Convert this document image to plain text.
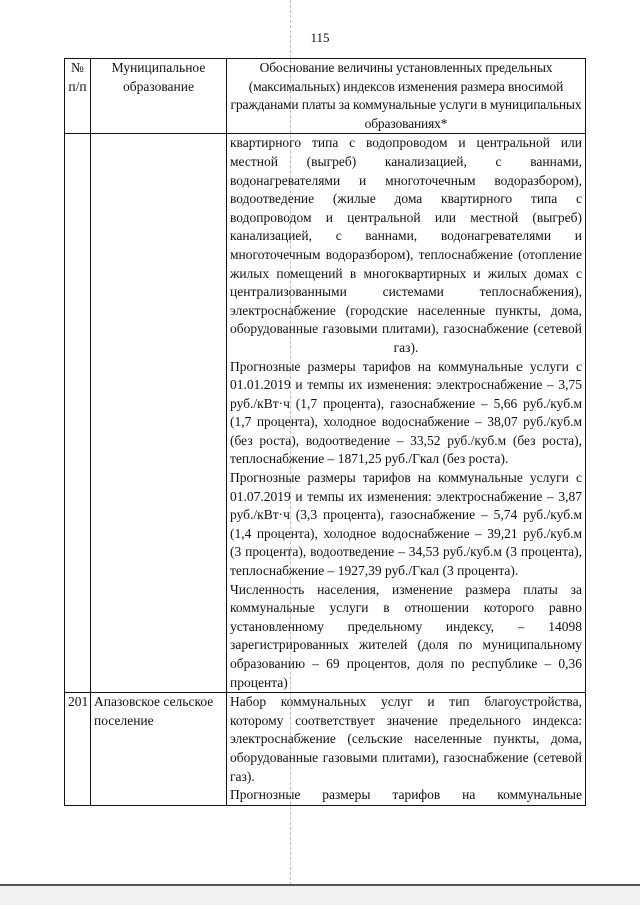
115
№ п/п	Муниципальное образование	Обоснование величины установленных предельных (максимальных) индексов изменения размера вносимой гражданами платы за коммунальные услуги в муниципальных образованиях*

		квартирного типа с водопроводом и центральной или местной (выгреб) канализацией, с ваннами, водонагревателями и многоточечным водоразбором), водоотведение (жилые дома квартирного типа с водопроводом и центральной или местной (выгреб) канализацией, с ваннами, водонагревателями и многоточечным водоразбором), теплоснабжение (отопление жилых помещений в многоквартирных и жилых домах с централизованными системами теплоснабжения), электроснабжение (городские населенные пункты, дома, оборудованные газовыми плитами), газоснабжение (сетевой газ).
Прогнозные размеры тарифов на коммунальные услуги с 01.01.2019 и темпы их изменения: электроснабжение – 3,75 руб./кВт·ч (1,7 процента), газоснабжение – 5,66 руб./куб.м (1,7 процента), холодное водоснабжение – 38,07 руб./куб.м (без роста), водоотведение – 33,52 руб./куб.м (без роста), теплоснабжение – 1871,25 руб./Гкал (без роста).
Прогнозные размеры тарифов на коммунальные услуги с 01.07.2019 и темпы их изменения: электроснабжение – 3,87 руб./кВт·ч (3,3 процента), газоснабжение – 5,74 руб./куб.м (1,4 процента), холодное водоснабжение – 39,21 руб./куб.м (3 процента), водоотведение – 34,53 руб./куб.м (3 процента), теплоснабжение – 1927,39 руб./Гкал (3 процента).
Численность населения, изменение размера платы за коммунальные услуги в отношении которого равно установленному предельному индексу, – 14098 зарегистрированных жителей (доля по муниципальному образованию – 69 процентов, доля по республике – 0,36 процента)

201	Апазовское сельское поселение	Набор коммунальных услуг и тип благоустройства, которому соответствует значение предельного индекса: электроснабжение (сельские населенные пункты, дома, оборудованные газовыми плитами), газоснабжение (сетевой газ).
Прогнозные размеры тарифов на коммунальные
